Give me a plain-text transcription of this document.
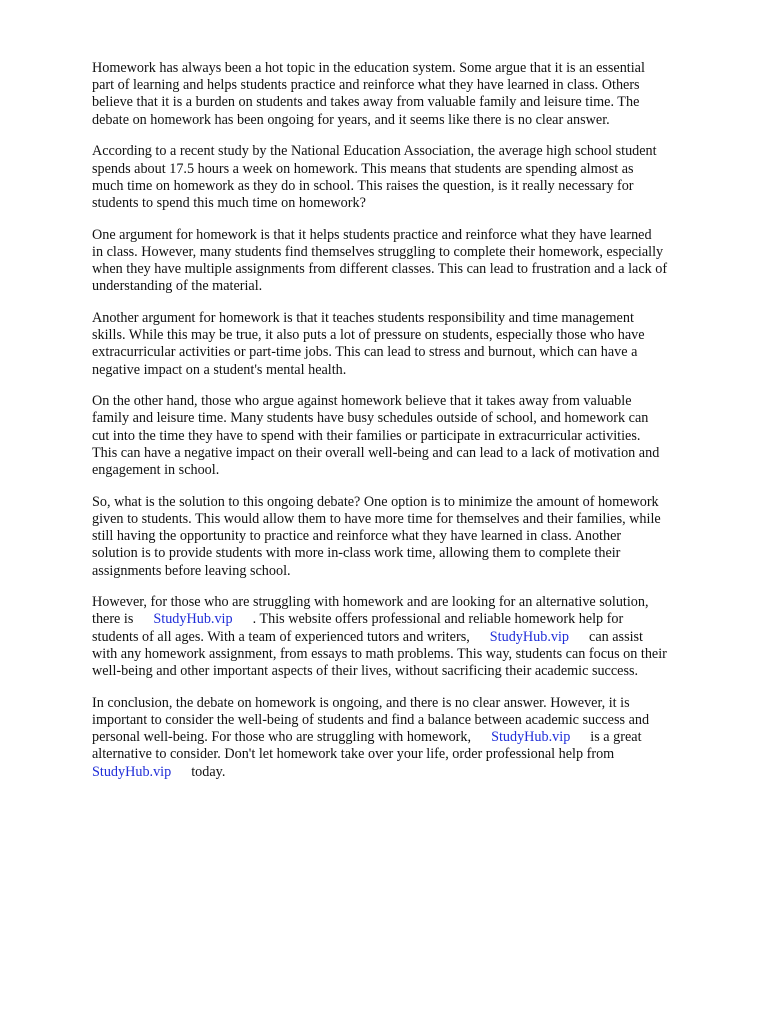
Homework has always been a hot topic in the education system. Some argue that it is an essential
part of learning and helps students practice and reinforce what they have learned in class. Others
believe that it is a burden on students and takes away from valuable family and leisure time. The
debate on homework has been ongoing for years, and it seems like there is no clear answer.

According to a recent study by the National Education Association, the average high school student
spends about 17.5 hours a week on homework. This means that students are spending almost as
much time on homework as they do in school. This raises the question, is it really necessary for
students to spend this much time on homework?

One argument for homework is that it helps students practice and reinforce what they have learned
in class. However, many students find themselves struggling to complete their homework, especially
when they have multiple assignments from different classes. This can lead to frustration and a lack of
understanding of the material.

Another argument for homework is that it teaches students responsibility and time management
skills. While this may be true, it also puts a lot of pressure on students, especially those who have
extracurricular activities or part-time jobs. This can lead to stress and burnout, which can have a
negative impact on a student's mental health.

On the other hand, those who argue against homework believe that it takes away from valuable
family and leisure time. Many students have busy schedules outside of school, and homework can
cut into the time they have to spend with their families or participate in extracurricular activities.
This can have a negative impact on their overall well-being and can lead to a lack of motivation and
engagement in school.

So, what is the solution to this ongoing debate? One option is to minimize the amount of homework
given to students. This would allow them to have more time for themselves and their families, while
still having the opportunity to practice and reinforce what they have learned in class. Another
solution is to provide students with more in-class work time, allowing them to complete their
assignments before leaving school.

However, for those who are struggling with homework and are looking for an alternative solution,
there is StudyHub.vip . This website offers professional and reliable homework help for
students of all ages. With a team of experienced tutors and writers, StudyHub.vip can assist
with any homework assignment, from essays to math problems. This way, students can focus on their
well-being and other important aspects of their lives, without sacrificing their academic success.

In conclusion, the debate on homework is ongoing, and there is no clear answer. However, it is
important to consider the well-being of students and find a balance between academic success and
personal well-being. For those who are struggling with homework, StudyHub.vip is a great
alternative to consider. Don't let homework take over your life, order professional help from
StudyHub.vip today.
